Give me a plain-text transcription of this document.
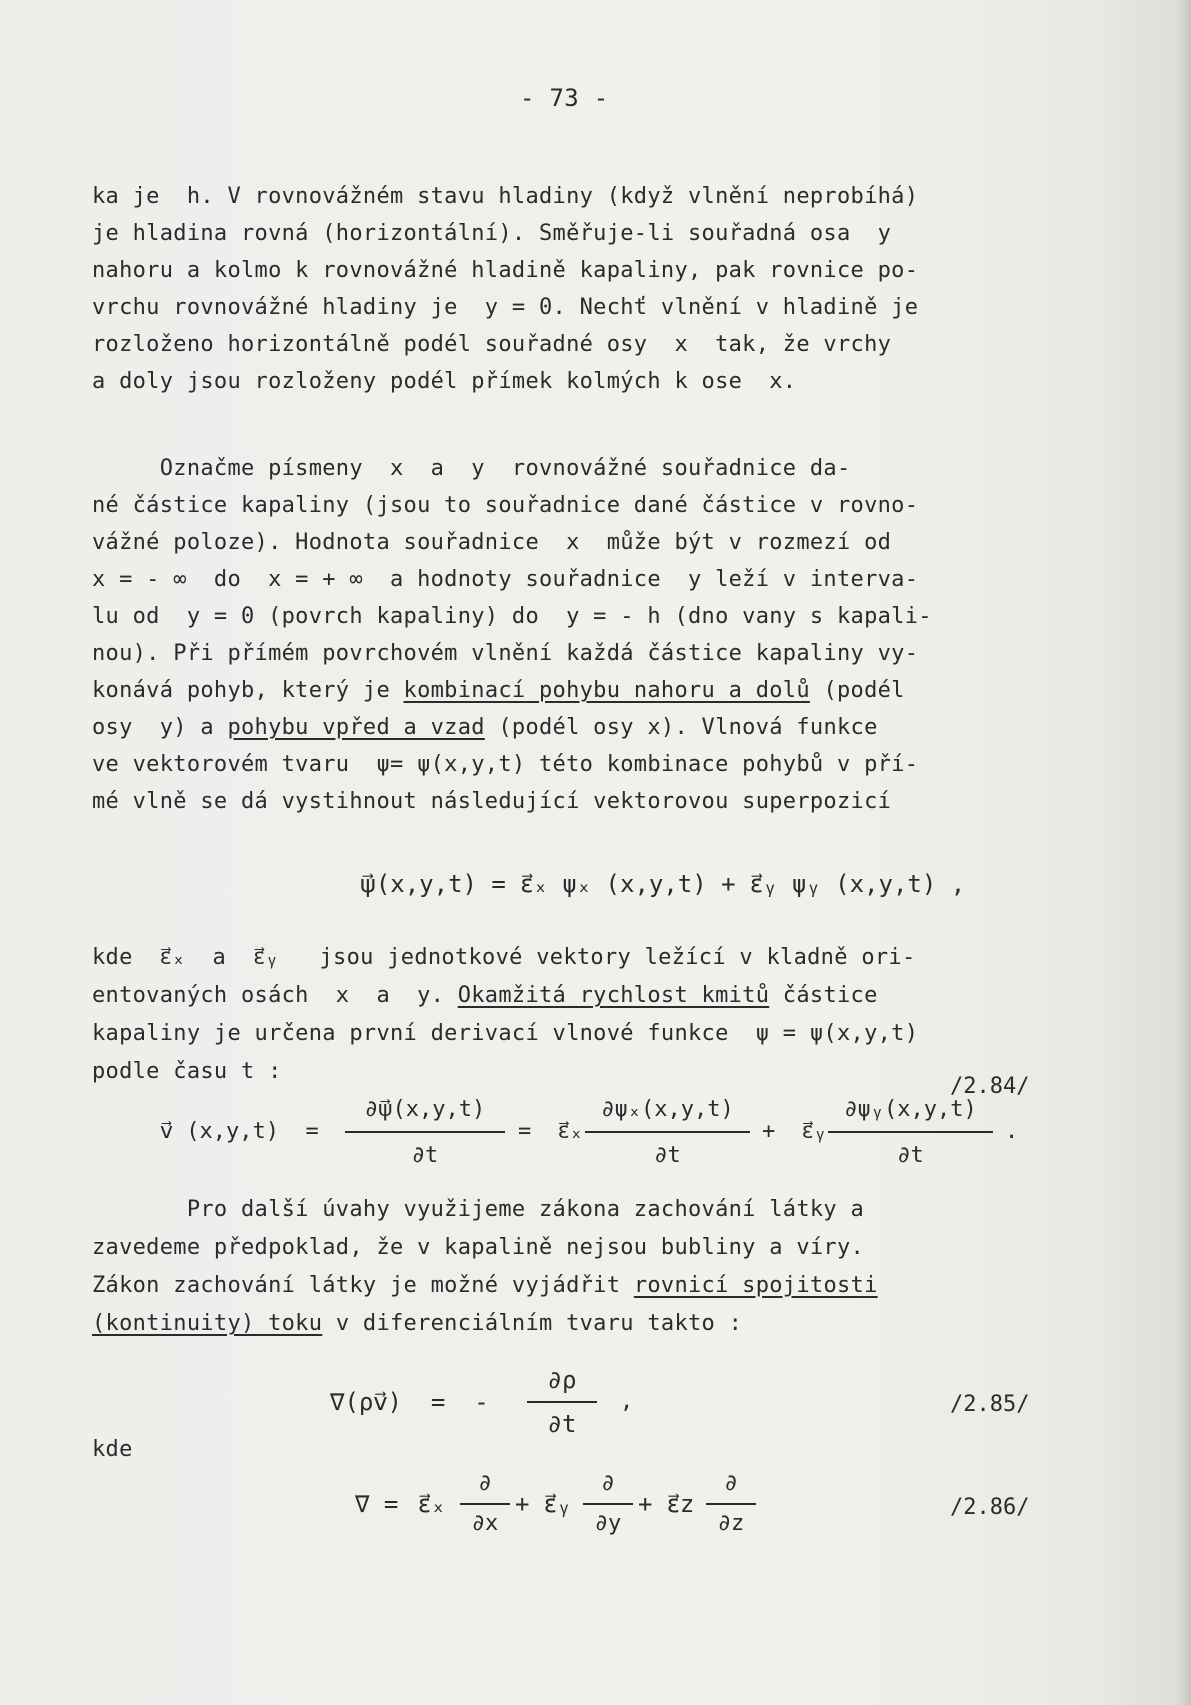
- 73 -
ka je  h. V rovnovážném stavu hladiny (když vlnění neprobíhá)
je hladina rovná (horizontální). Směřuje-li souřadná osa  y
nahoru a kolmo k rovnovážné hladině kapaliny, pak rovnice po-
vrchu rovnovážné hladiny je  y = 0. Nechť vlnění v hladině je
rozloženo horizontálně podél souřadné osy  x  tak, že vrchy
a doly jsou rozloženy podél přímek kolmých k ose  x.
Označme písmeny  x  a  y  rovnovážné souřadnice da-
né částice kapaliny (jsou to souřadnice dané částice v rovno-
vážné poloze). Hodnota souřadnice  x  může být v rozmezí od
x = - ∞  do  x = + ∞  a hodnoty souřadnice  y leží v interva-
lu od  y = 0 (povrch kapaliny) do  y = - h (dno vany s kapali-
nou). Při přímém povrchovém vlnění každá částice kapaliny vy-
konává pohyb, který je kombinací pohybu nahoru a dolů (podél
osy  y) a pohybu vpřed a vzad (podél osy x). Vlnová funkce
ve vektorovém tvaru  ψ= ψ(x,y,t) této kombinace pohybů v pří-
mé vlně se dá vystihnout následující vektorovou superpozicí
ψ⃗(x,y,t) = ε⃗ₓ ψₓ (x,y,t) + ε⃗ᵧ ψᵧ (x,y,t) ,
kde  ε⃗ₓ  a  ε⃗ᵧ   jsou jednotkové vektory ležící v kladně ori-
entovaných osách  x  a  y. Okamžitá rychlost kmitů částice
kapaliny je určena první derivací vlnové funkce  ψ = ψ(x,y,t)
podle času t :
/2.84/
v⃗ (x,y,t)  =
∂ψ⃗(x,y,t)
∂t
=  ε⃗ₓ
∂ψₓ(x,y,t)
∂t
+  ε⃗ᵧ
∂ψᵧ(x,y,t)
∂t
.
Pro další úvahy využijeme zákona zachování látky a
zavedeme předpoklad, že v kapalině nejsou bubliny a víry.
Zákon zachování látky je možné vyjádřit rovnicí spojitosti
(kontinuity) toku v diferenciálním tvaru takto :
∇(ρv⃗)  =  -
∂ρ
∂t
,	/2.85/
kde
∇ = ε⃗ₓ
∂
∂x
+ ε⃗ᵧ
∂
∂y
+ ε⃗z
∂
∂z
/2.86/
